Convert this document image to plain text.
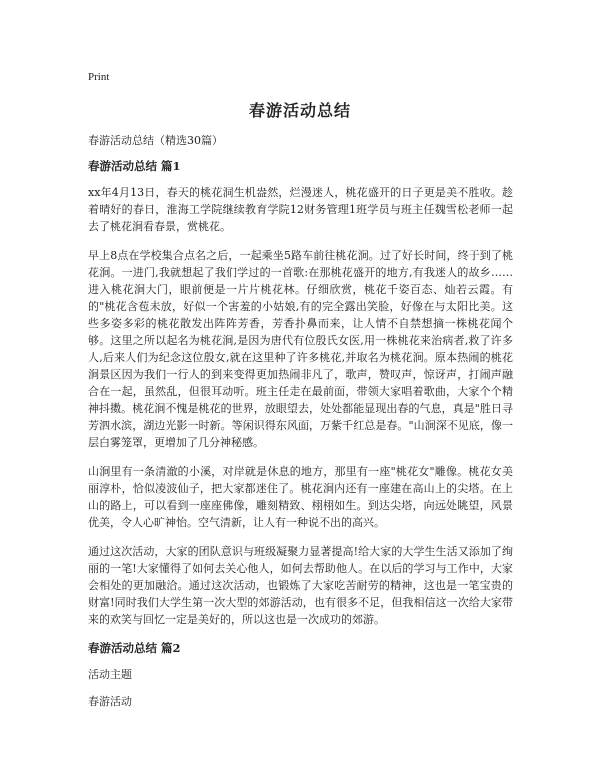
Print
春游活动总结

春游活动总结（精选30篇）

春游活动总结 篇1

xx年4月13日，春天的桃花洞生机盎然，烂漫迷人，桃花盛开的日子更是美不胜收。趁着晴好的春日，淮海工学院继续教育学院12财务管理1班学员与班主任魏雪松老师一起去了桃花涧看春景，赏桃花。

早上8点在学校集合点名之后，一起乘坐5路车前往桃花涧。过了好长时间，终于到了桃花涧。一进门,我就想起了我们学过的一首歌:在那桃花盛开的地方,有我迷人的故乡……进入桃花涧大门，眼前便是一片片桃花林。仔细欣赏，桃花千姿百态、灿若云霞。有的"桃花含苞未放，好似一个害羞的小姑娘,有的完全露出笑脸，好像在与太阳比美。这些多姿多彩的桃花散发出阵阵芳香，芳香扑鼻而来，让人情不自禁想摘一株桃花闻个够。这里之所以起名为桃花涧,是因为唐代有位殷氏女医,用一株桃花来治病者,救了许多人,后来人们为纪念这位殷女,就在这里种了许多桃花,并取名为桃花涧。原本热闹的桃花涧景区因为我们一行人的到来变得更加热闹非凡了，歌声，赞叹声，惊讶声，打闹声融合在一起，虽然乱，但很耳动听。班主任走在最前面，带领大家唱着歌曲，大家个个精神抖擞。桃花涧不愧是桃花的世界，放眼望去，处处都能显现出春的气息，真是"胜日寻芳泗水滨，湖边光影一时新。等闲识得东风面，万紫千红总是春。"山涧深不见底，像一层白雾笼罩，更增加了几分神秘感。

山涧里有一条清澈的小溪，对岸就是休息的地方，那里有一座"桃花女"雕像。桃花女美丽淳朴，恰似凌波仙子，把大家都迷住了。桃花涧内还有一座建在高山上的尖塔。在上山的路上，可以看到一座座佛像，雕刻精致、栩栩如生。到达尖塔，向远处眺望，风景优美，令人心旷神怡。空气清新，让人有一种说不出的高兴。

通过这次活动，大家的团队意识与班级凝聚力显著提高!给大家的大学生生活又添加了绚丽的一笔!大家懂得了如何去关心他人，如何去帮助他人。在以后的学习与工作中，大家会相处的更加融洽。通过这次活动，也锻炼了大家吃苦耐劳的精神，这也是一笔宝贵的财富!同时我们大学生第一次大型的郊游活动，也有很多不足，但我相信这一次给大家带来的欢笑与回忆一定是美好的，所以这也是一次成功的郊游。

春游活动总结 篇2

活动主题

春游活动
